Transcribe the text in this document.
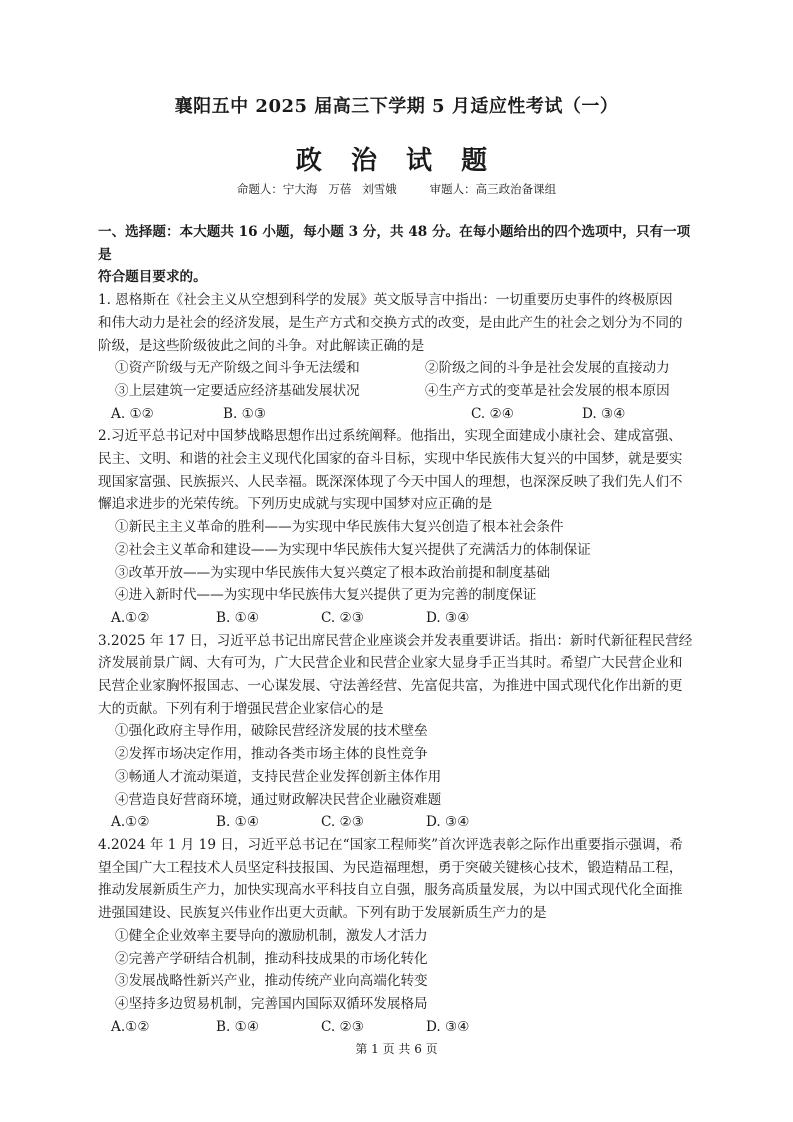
襄阳五中 2025 届高三下学期 5 月适应性考试（一）
政 治 试 题
命题人：宁大海   万蓓   刘雪娥         审题人：高三政治备课组
一、选择题：本大题共 16 小题，每小题 3 分，共 48 分。在每小题给出的四个选项中，只有一项是
符合题目要求的。
1. 恩格斯在《社会主义从空想到科学的发展》英文版导言中指出：一切重要历史事件的终极原因
和伟大动力是社会的经济发展，是生产方式和交换方式的改变，是由此产生的社会之划分为不同的
阶级，是这些阶级彼此之间的斗争。对此解读正确的是
①资产阶级与无产阶级之间斗争无法缓和	②阶级之间的斗争是社会发展的直接动力
③上层建筑一定要适应经济基础发展状况	④生产方式的变革是社会发展的根本原因
A. ①②	B. ①③	C. ②④	D. ③④
2.习近平总书记对中国梦战略思想作出过系统阐释。他指出，实现全面建成小康社会、建成富强、
民主、文明、和谐的社会主义现代化国家的奋斗目标，实现中华民族伟大复兴的中国梦，就是要实
现国家富强、民族振兴、人民幸福。既深深体现了今天中国人的理想，也深深反映了我们先人们不
懈追求进步的光荣传统。下列历史成就与实现中国梦对应正确的是
①新民主主义革命的胜利——为实现中华民族伟大复兴创造了根本社会条件
②社会主义革命和建设——为实现中华民族伟大复兴提供了充满活力的体制保证
③改革开放——为实现中华民族伟大复兴奠定了根本政治前提和制度基础
④进入新时代——为实现中华民族伟大复兴提供了更为完善的制度保证
A.①②	B. ①④	C. ②③	D. ③④
3.2025 年 17 日，习近平总书记出席民营企业座谈会并发表重要讲话。指出：新时代新征程民营经
济发展前景广阔、大有可为，广大民营企业和民营企业家大显身手正当其时。希望广大民营企业和
民营企业家胸怀报国志、一心谋发展、守法善经营、先富促共富，为推进中国式现代化作出新的更
大的贡献。下列有利于增强民营企业家信心的是
①强化政府主导作用，破除民营经济发展的技术壁垒
②发挥市场决定作用，推动各类市场主体的良性竞争
③畅通人才流动渠道，支持民营企业发挥创新主体作用
④营造良好营商环境，通过财政解决民营企业融资难题
A.①②	B. ①④	C. ②③	D. ③④
4.2024 年 1 月 19 日，习近平总书记在“国家工程师奖”首次评选表彰之际作出重要指示强调，希
望全国广大工程技术人员坚定科技报国、为民造福理想，勇于突破关键核心技术，锻造精品工程，
推动发展新质生产力，加快实现高水平科技自立自强，服务高质量发展，为以中国式现代化全面推
进强国建设、民族复兴伟业作出更大贡献。下列有助于发展新质生产力的是
①健全企业效率主要导向的激励机制，激发人才活力
②完善产学研结合机制，推动科技成果的市场化转化
③发展战略性新兴产业，推动传统产业向高端化转变
④坚持多边贸易机制，完善国内国际双循环发展格局
A.①②	B. ①④	C. ②③	D. ③④
第 1 页 共 6 页
